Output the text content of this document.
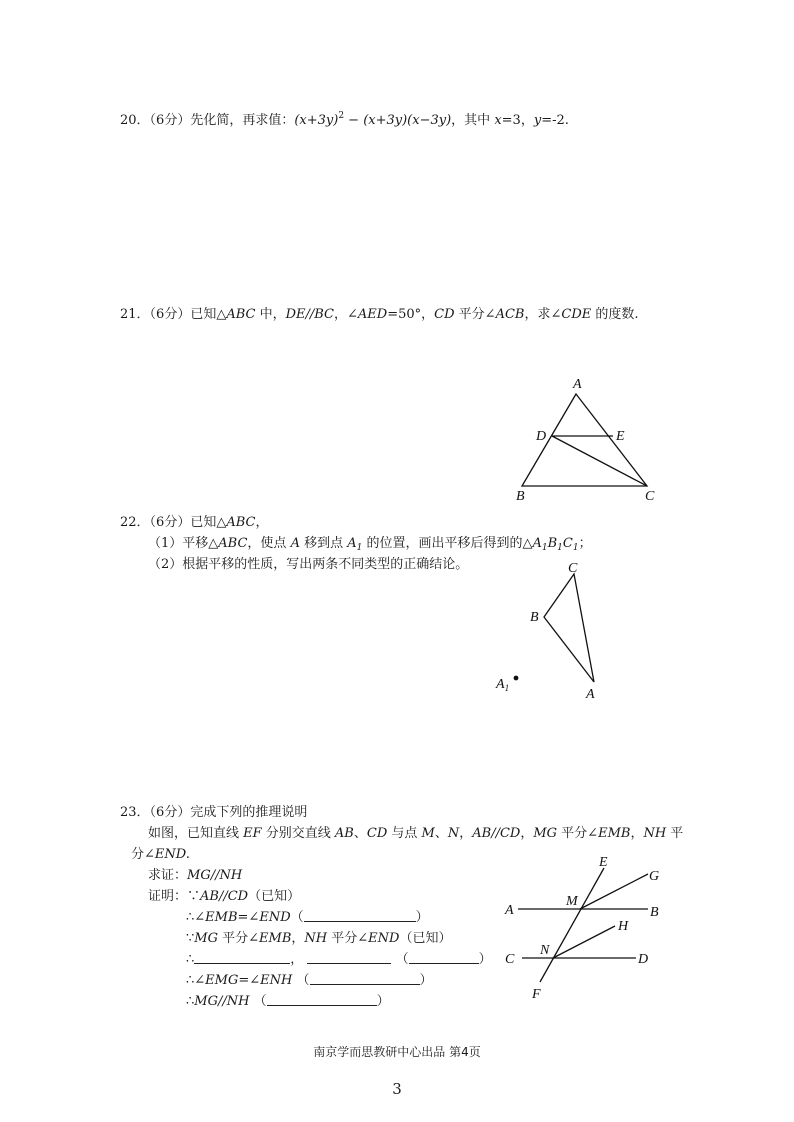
20．（6分）先化简，再求值：$(x+3y)^2 - (x+3y)(x-3y)$，其中 x=3，y=-2.
21．（6分）已知△ABC 中，DE//BC，∠AED=50°，CD 平分∠ACB，求∠CDE 的度数.
A
D	E
B	C
22．（6分）已知△ABC，
（1）平移△ABC，使点 A 移到点 $A_1$ 的位置，画出平移后得到的$\triangle A_1B_1C_1$；
（2）根据平移的性质，写出两条不同类型的正确结论。	C
B
A
$A_1$
23．（6分）完成下列的推理说明
如图，已知直线 EF 分别交直线 AB、CD 与点 M、N，AB//CD，MG 平分∠EMB，NH 平
分∠END.
求证：MG//NH
证明：∵AB//CD（已知）
∴∠EMB=∠END（	）
∵MG 平分∠EMB，NH 平分∠END（已知）
∴	，	（	）
∴∠EMG=∠ENH （	）
∴MG//NH （	）
E
G
A
M
B
H
N
C	D
F
南京学而思教研中心出品 第4页
3
